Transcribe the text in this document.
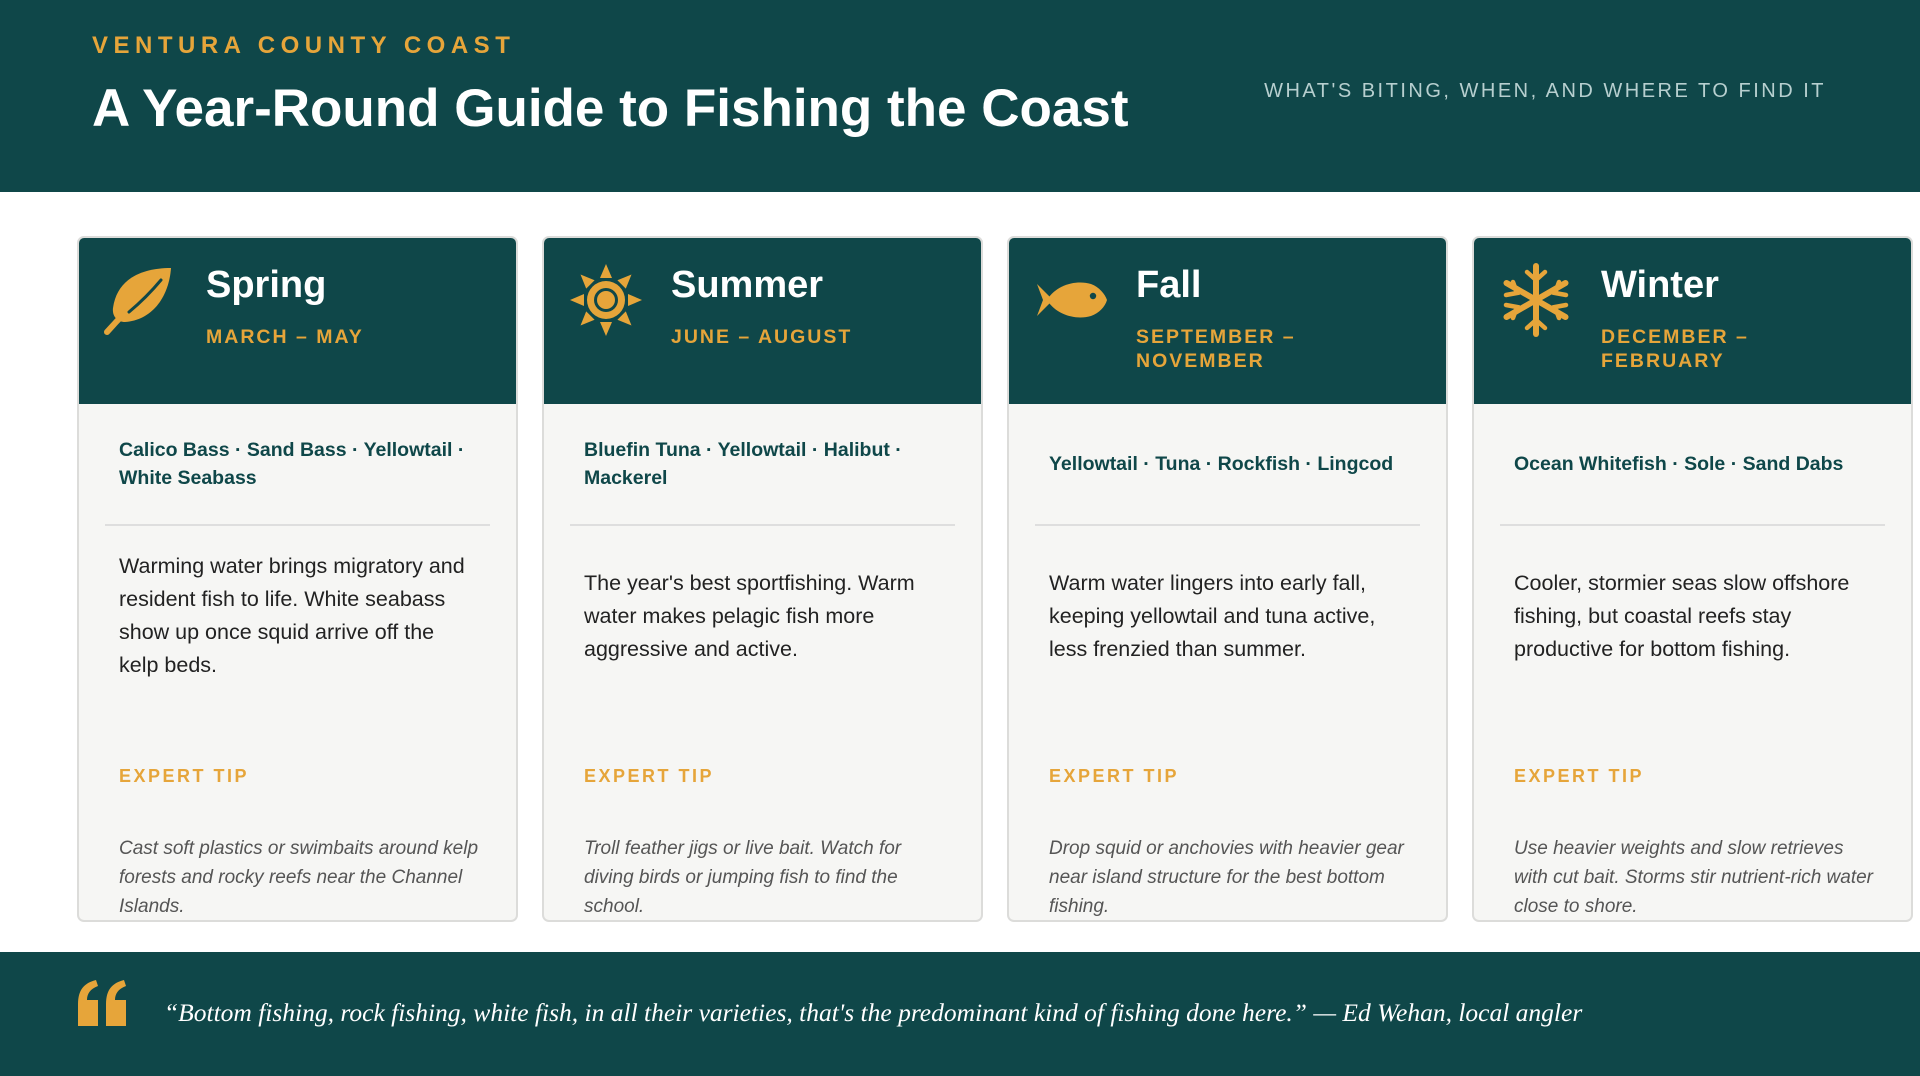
VENTURA COUNTY COAST
A Year-Round Guide to Fishing the Coast	WHAT'S BITING, WHEN, AND WHERE TO FIND IT
Spring
MARCH – MAY
Calico Bass · Sand Bass · Yellowtail · White Seabass
Warming water brings migratory and resident fish to life. White seabass show up once squid arrive off the kelp beds.
EXPERT TIP
Cast soft plastics or swimbaits around kelp forests and rocky reefs near the Channel Islands.
Summer
JUNE – AUGUST
Bluefin Tuna · Yellowtail · Halibut · Mackerel
The year's best sportfishing. Warm water makes pelagic fish more aggressive and active.
EXPERT TIP
Troll feather jigs or live bait. Watch for diving birds or jumping fish to find the school.
Fall
SEPTEMBER – NOVEMBER
Yellowtail · Tuna · Rockfish · Lingcod
Warm water lingers into early fall, keeping yellowtail and tuna active, less frenzied than summer.
EXPERT TIP
Drop squid or anchovies with heavier gear near island structure for the best bottom fishing.
Winter
DECEMBER – FEBRUARY
Ocean Whitefish · Sole · Sand Dabs
Cooler, stormier seas slow offshore fishing, but coastal reefs stay productive for bottom fishing.
EXPERT TIP
Use heavier weights and slow retrieves with cut bait. Storms stir nutrient-rich water close to shore.
“Bottom fishing, rock fishing, white fish, in all their varieties, that's the predominant kind of fishing done here.” — Ed Wehan, local angler
